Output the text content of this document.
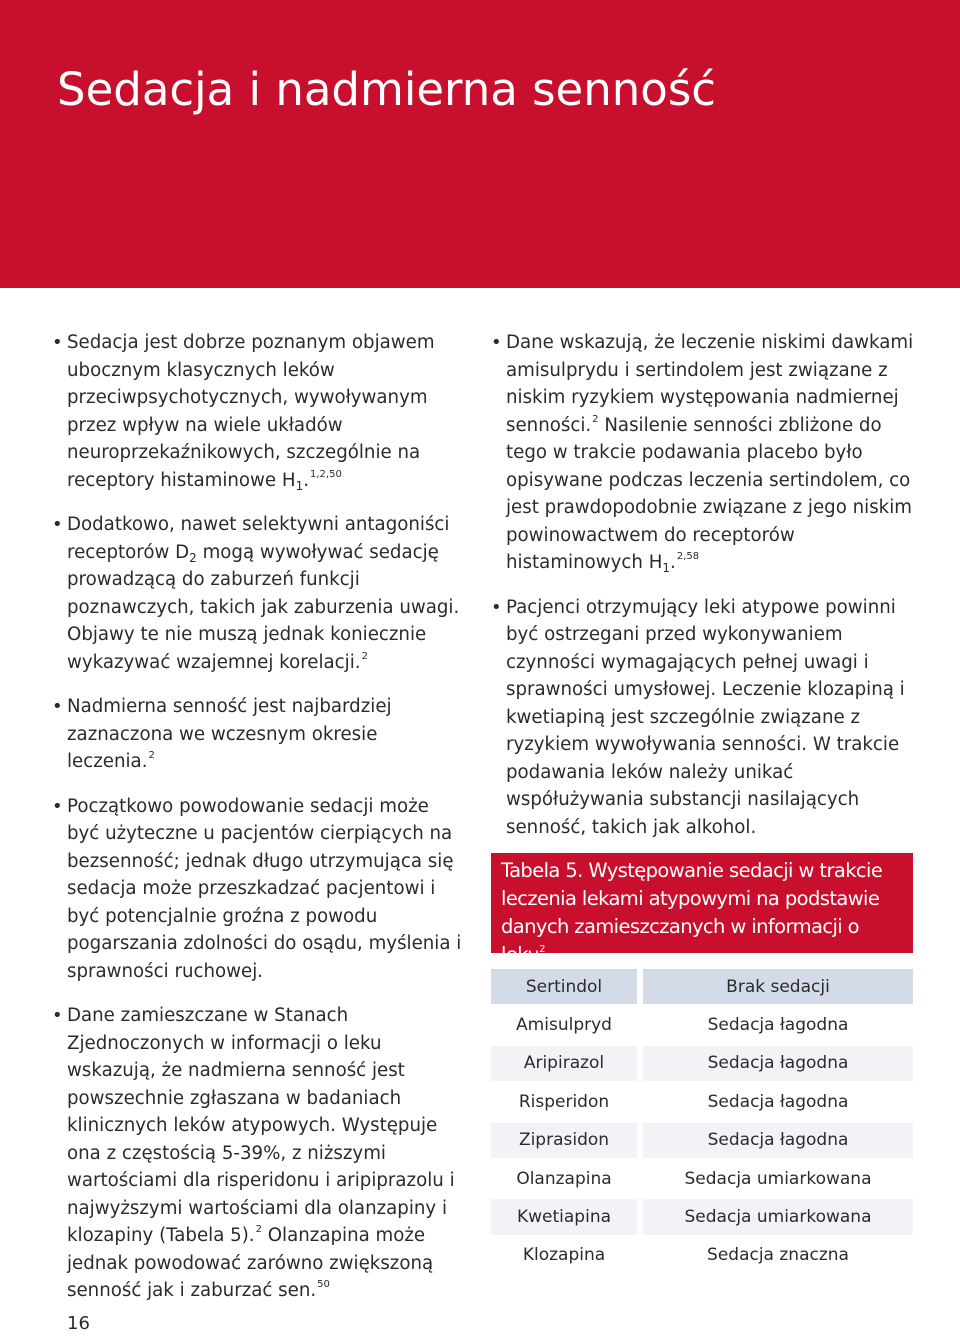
Sedacja i nadmierna senność
• Sedacja jest dobrze poznanym objawem ubocznym klasycznych leków przeciwpsychotycznych, wywoływanym przez wpływ na wiele układów neuroprzekaźnikowych, szczególnie na receptory histaminowe $H_1.^{1,2,50}$
• Dodatkowo, nawet selektywni antagoniści receptorów $D_2$ mogą wywoływać sedację prowadzącą do zaburzeń funkcji poznawczych, takich jak zaburzenia uwagi. Objawy te nie muszą jednak koniecznie wykazywać wzajemnej korelacji.$^2$
• Nadmierna senność jest najbardziej zaznaczona we wczesnym okresie leczenia.$^2$
• Początkowo powodowanie sedacji może być użyteczne u pacjentów cierpiących na bezsenność; jednak długo utrzymująca się sedacja może przeszkadzać pacjentowi i być potencjalnie groźna z powodu pogarszania zdolności do osądu, myślenia i sprawności ruchowej.
• Dane zamieszczane w Stanach Zjednoczonych w informacji o leku wskazują, że nadmierna senność jest powszechnie zgłaszana w badaniach klinicznych leków atypowych. Występuje ona z częstością 5-39%, z niższymi wartościami dla risperidonu i aripiprazolu i najwyższymi wartościami dla olanzapiny i klozapiny (Tabela 5).$^2$ Olanzapina może jednak powodować zarówno zwiększoną senność jak i zaburzać sen.$^{50}$
• Dane wskazują, że leczenie niskimi dawkami amisulprydu i sertindolem jest związane z niskim ryzykiem występowania nadmiernej senności.$^2$ Nasilenie senności zbliżone do tego w trakcie podawania placebo było opisywane podczas leczenia sertindolem, co jest prawdopodobnie związane z jego niskim powinowactwem do receptorów histaminowych $H_1.^{2,58}$
• Pacjenci otrzymujący leki atypowe powinni być ostrzegani przed wykonywaniem czynności wymagających pełnej uwagi i sprawności umysłowej. Leczenie klozapiną i kwetiapiną jest szczególnie związane z ryzykiem wywoływania senności. W trakcie podawania leków należy unikać współużywania substancji nasilających senność, takich jak alkohol.
Tabela 5. Występowanie sedacji w trakcie leczenia lekami atypowymi na podstawie danych zamieszczanych w informacji o leku$^2$
Sertindol		Brak sedacji
Amisulpryd		Sedacja łagodna
Aripirazol		Sedacja łagodna
Risperidon		Sedacja łagodna
Ziprasidon		Sedacja łagodna
Olanzapina		Sedacja umiarkowana
Kwetiapina		Sedacja umiarkowana
Klozapina		Sedacja znaczna
16
